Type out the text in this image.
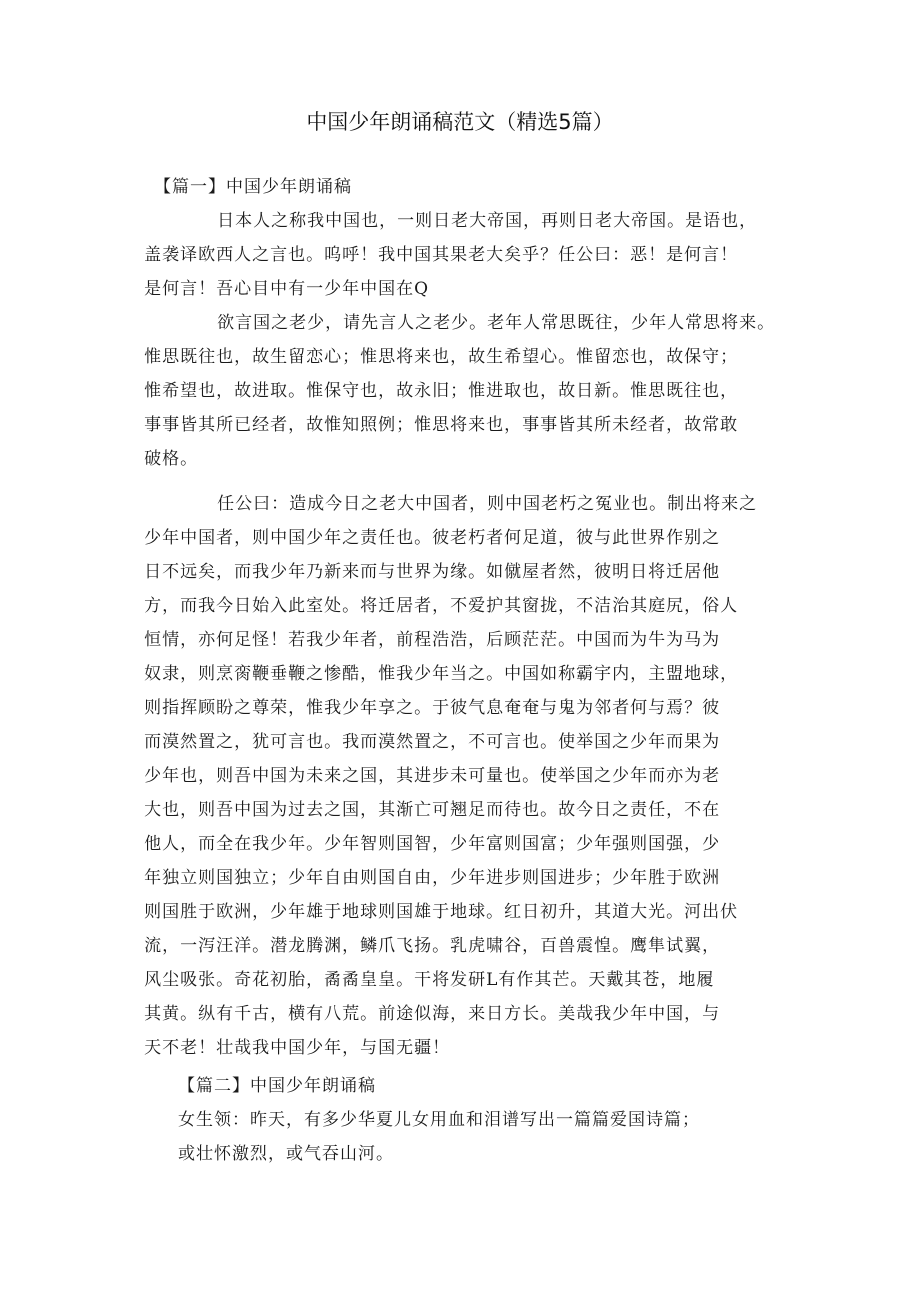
中国少年朗诵稿范文（精选5篇）
【篇一】中国少年朗诵稿
日本人之称我中国也，一则日老大帝国，再则日老大帝国。是语也，
盖袭译欧西人之言也。呜呼！我中国其果老大矣乎？任公曰：恶！是何言！
是何言！吾心目中有一少年中国在Q
欲言国之老少，请先言人之老少。老年人常思既往，少年人常思将来。
惟思既往也，故生留恋心；惟思将来也，故生希望心。惟留恋也，故保守；
惟希望也，故进取。惟保守也，故永旧；惟进取也，故日新。惟思既往也，
事事皆其所已经者，故惟知照例；惟思将来也，事事皆其所未经者，故常敢
破格。
任公曰：造成今日之老大中国者，则中国老朽之冤业也。制出将来之
少年中国者，则中国少年之责任也。彼老朽者何足道，彼与此世界作别之
日不远矣，而我少年乃新来而与世界为缘。如僦屋者然，彼明日将迁居他
方，而我今日始入此室处。将迁居者，不爱护其窗拢，不洁治其庭尻，俗人
恒情，亦何足怪！若我少年者，前程浩浩，后顾茫茫。中国而为牛为马为
奴隶，则烹脔鞭垂鞭之惨酷，惟我少年当之。中国如称霸宇内，主盟地球，
则指挥顾盼之尊荣，惟我少年享之。于彼气息奄奄与鬼为邻者何与焉？彼
而漠然置之，犹可言也。我而漠然置之，不可言也。使举国之少年而果为
少年也，则吾中国为未来之国，其进步未可量也。使举国之少年而亦为老
大也，则吾中国为过去之国，其渐亡可翘足而待也。故今日之责任，不在
他人，而全在我少年。少年智则国智，少年富则国富；少年强则国强，少
年独立则国独立；少年自由则国自由，少年进步则国进步；少年胜于欧洲
则国胜于欧洲，少年雄于地球则国雄于地球。红日初升，其道大光。河出伏
流，一泻汪洋。潜龙腾渊，鳞爪飞扬。乳虎啸谷，百兽震惶。鹰隼试翼，
风尘吸张。奇花初胎，矞矞皇皇。干将发研L有作其芒。天戴其苍，地履
其黄。纵有千古，横有八荒。前途似海，来日方长。美哉我少年中国，与
天不老！壮哉我中国少年，与国无疆！
【篇二】中国少年朗诵稿
女生领：昨天，有多少华夏儿女用血和泪谱写出一篇篇爱国诗篇；
或壮怀激烈，或气吞山河。
